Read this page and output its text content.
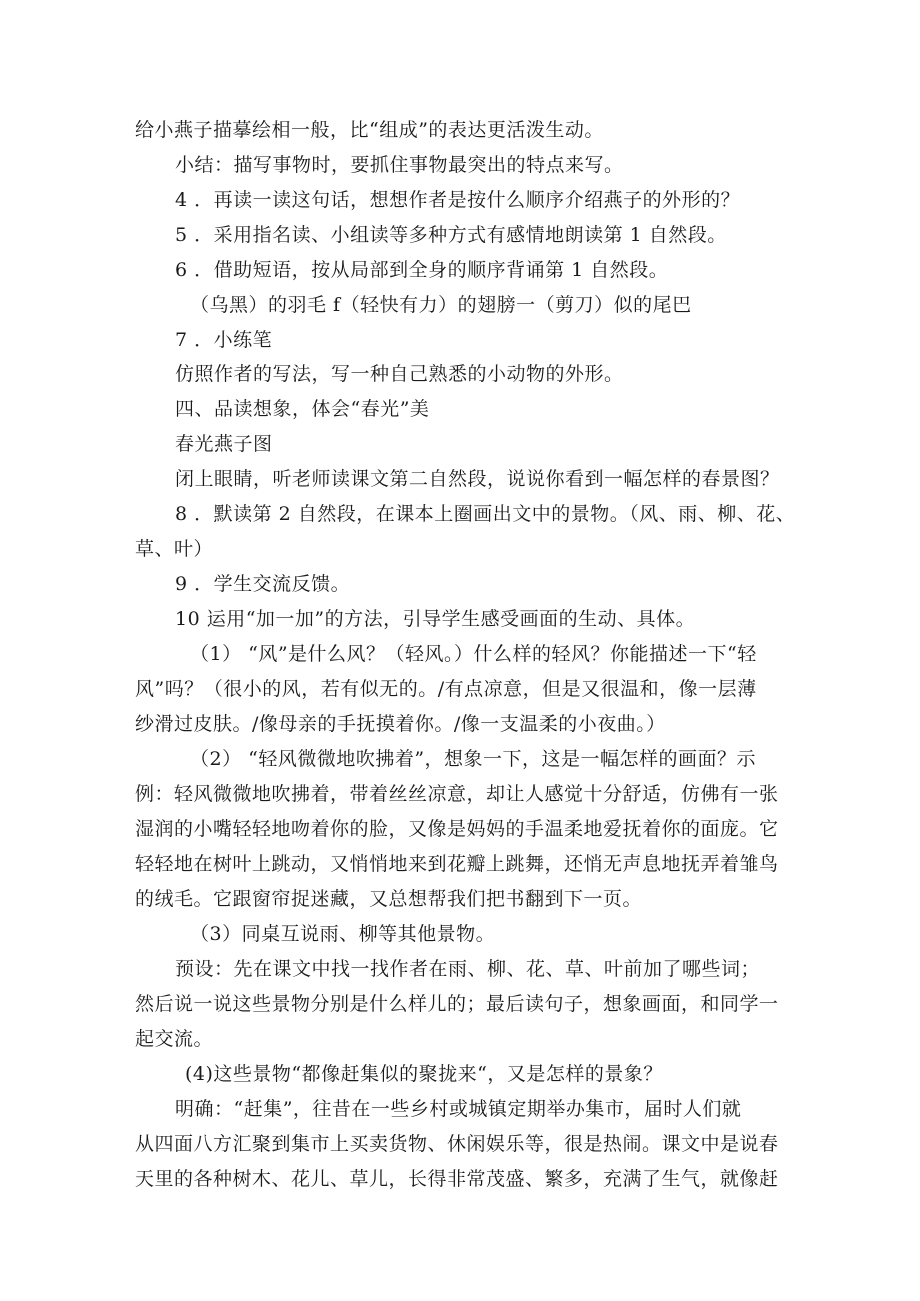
给小燕子描摹绘相一般，比“组成”的表达更活泼生动。
小结：描写事物时，要抓住事物最突出的特点来写。
4 ．再读一读这句话，想想作者是按什么顺序介绍燕子的外形的？
5 ．采用指名读、小组读等多种方式有感情地朗读第 1 自然段。
6 ．借助短语，按从局部到全身的顺序背诵第 1 自然段。
（乌黑）的羽毛 f（轻快有力）的翅膀一（剪刀）似的尾巴
7 ．小练笔
仿照作者的写法，写一种自己熟悉的小动物的外形。
四、品读想象，体会“春光”美
春光燕子图
闭上眼睛，听老师读课文第二自然段，说说你看到一幅怎样的春景图？
8 ．默读第 2 自然段，在课本上圈画出文中的景物。（风、雨、柳、花、
草、叶）
9 ．学生交流反馈。
10 运用“加一加”的方法，引导学生感受画面的生动、具体。
（1） “风”是什么风？（轻风。）什么样的轻风？你能描述一下“轻
风”吗？（很小的风，若有似无的。/有点凉意，但是又很温和，像一层薄
纱滑过皮肤。/像母亲的手抚摸着你。/像一支温柔的小夜曲。）
（2） “轻风微微地吹拂着”，想象一下，这是一幅怎样的画面？示
例：轻风微微地吹拂着，带着丝丝凉意，却让人感觉十分舒适，仿佛有一张
湿润的小嘴轻轻地吻着你的脸，又像是妈妈的手温柔地爱抚着你的面庞。它
轻轻地在树叶上跳动，又悄悄地来到花瓣上跳舞，还悄无声息地抚弄着雏鸟
的绒毛。它跟窗帘捉迷藏，又总想帮我们把书翻到下一页。
（3）同桌互说雨、柳等其他景物。
预设：先在课文中找一找作者在雨、柳、花、草、叶前加了哪些词；
然后说一说这些景物分别是什么样儿的；最后读句子，想象画面，和同学一
起交流。
(4)这些景物“都像赶集似的聚拢来“，又是怎样的景象？
明确：“赶集”，往昔在一些乡村或城镇定期举办集市，届时人们就
从四面八方汇聚到集市上买卖货物、休闲娱乐等，很是热闹。课文中是说春
天里的各种树木、花儿、草儿，长得非常茂盛、繁多，充满了生气，就像赶
